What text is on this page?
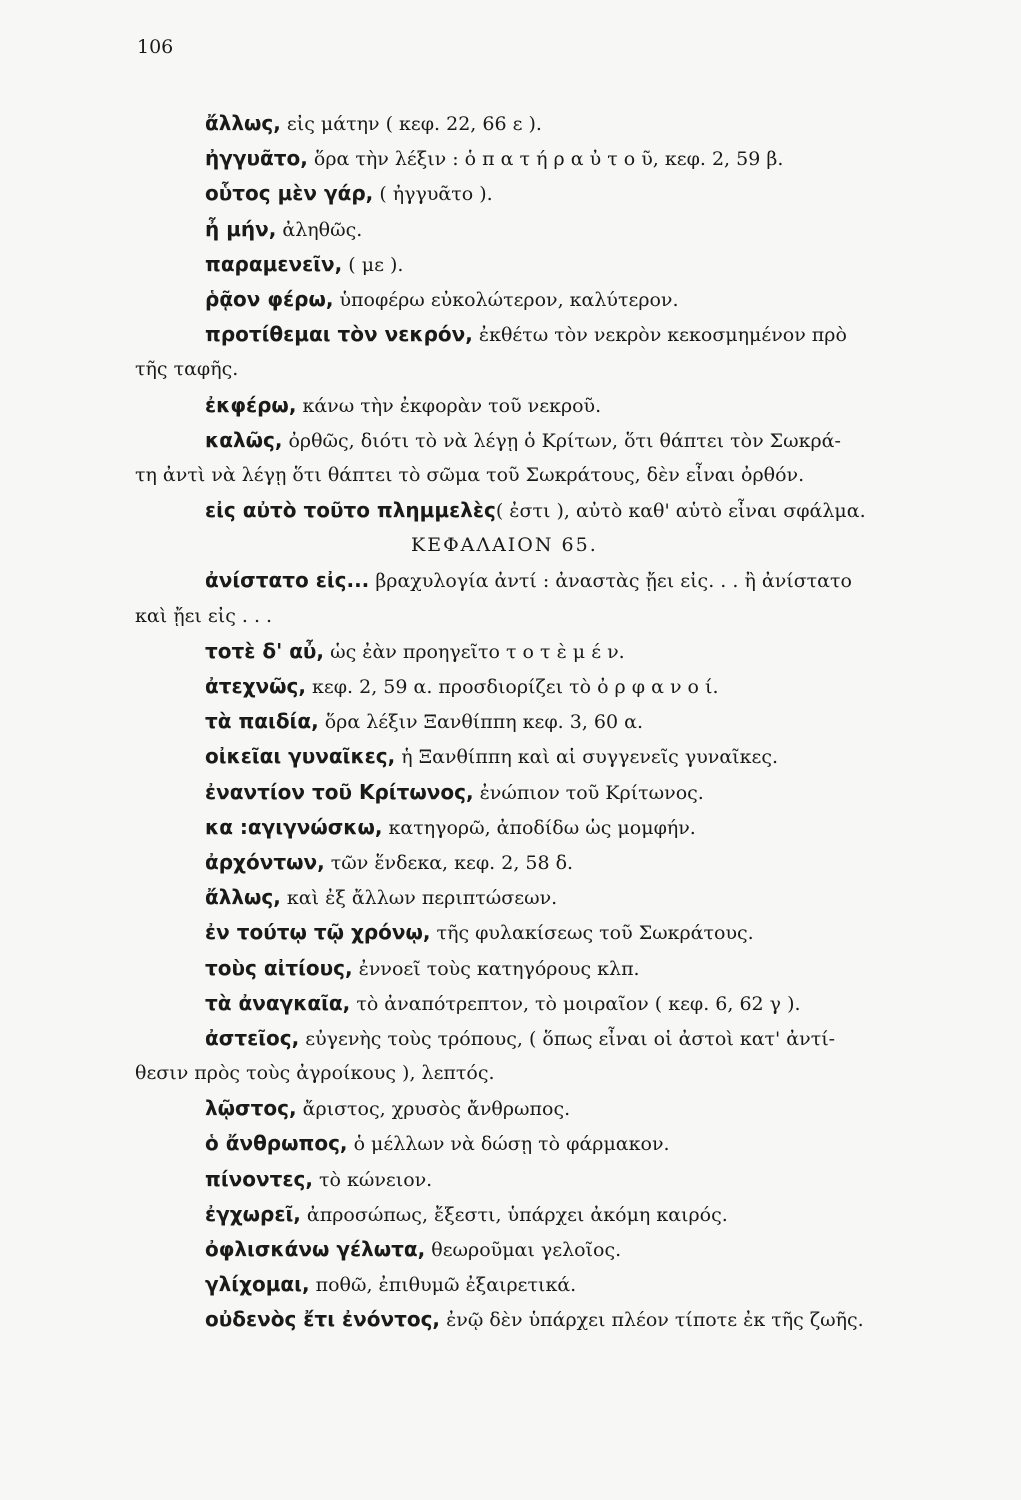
106
ἄλλως, εἰς μάτην ( κεφ. 22, 66 ε ).
ἠγγυᾶτο, ὅρα τὴν λέξιν : ὁ π α τ ή ρ α ὐ τ ο ῦ, κεφ. 2, 59 β.
οὗτος μὲν γάρ, ( ἠγγυᾶτο ).
ἦ μήν, ἀληθῶς.
παραμενεῖν, ( με ).
ῥᾷον φέρω, ὑποφέρω εὐκολώτερον, καλύτερον.
προτίθεμαι τὸν νεκρόν, ἐκθέτω τὸν νεκρὸν κεκοσμημένον πρὸ
τῆς ταφῆς.
ἐκφέρω, κάνω τὴν ἐκφορὰν τοῦ νεκροῦ.
καλῶς, ὀρθῶς, διότι τὸ νὰ λέγῃ ὁ Κρίτων, ὅτι θάπτει τὸν Σωκρά-
τη ἀντὶ νὰ λέγῃ ὅτι θάπτει τὸ σῶμα τοῦ Σωκράτους, δὲν εἶναι ὀρθόν.
εἰς αὐτὸ τοῦτο πλημμελὲς( ἐστι ), αὐτὸ καθ' αὑτὸ εἶναι σφάλμα.
ΚΕΦΑΛΑΙΟΝ 65.
ἀνίστατο εἰς... βραχυλογία ἀντί : ἀναστὰς ᾔει εἰς. . . ἢ ἀνίστατο
καὶ ᾔει εἰς . . .
τοτὲ δ' αὖ, ὡς ἐὰν προηγεῖτο τ ο τ ὲ μ έ ν.
ἀτεχνῶς, κεφ. 2, 59 α. προσδιορίζει τὸ ὀ ρ φ α ν ο ί.
τὰ παιδία, ὅρα λέξιν Ξανθίππη κεφ. 3, 60 α.
οἰκεῖαι γυναῖκες, ἡ Ξανθίππη καὶ αἱ συγγενεῖς γυναῖκες.
ἐναντίον τοῦ Κρίτωνος, ἐνώπιον τοῦ Κρίτωνος.
κα :αγιγνώσκω, κατηγορῶ, ἀποδίδω ὡς μομφήν.
ἀρχόντων, τῶν ἕνδεκα, κεφ. 2, 58 δ.
ἄλλως, καὶ ἐξ ἄλλων περιπτώσεων.
ἐν τούτῳ τῷ χρόνῳ, τῆς φυλακίσεως τοῦ Σωκράτους.
τοὺς αἰτίους, ἐννοεῖ τοὺς κατηγόρους κλπ.
τὰ ἀναγκαῖα, τὸ ἀναπότρεπτον, τὸ μοιραῖον ( κεφ. 6, 62 γ ).
ἀστεῖος, εὐγενὴς τοὺς τρόπους, ( ὅπως εἶναι οἱ ἀστοὶ κατ' ἀντί-
θεσιν πρὸς τοὺς ἀγροίκους ), λεπτός.
λῷστος, ἄριστος, χρυσὸς ἄνθρωπος.
ὁ ἄνθρωπος, ὁ μέλλων νὰ δώσῃ τὸ φάρμακον.
πίνοντες, τὸ κώνειον.
ἐγχωρεῖ, ἀπροσώπως, ἔξεστι, ὑπάρχει ἀκόμη καιρός.
ὀφλισκάνω γέλωτα, θεωροῦμαι γελοῖος.
γλίχομαι, ποθῶ, ἐπιθυμῶ ἐξαιρετικά.
οὐδενὸς ἔτι ἐνόντος, ἐνῷ δὲν ὑπάρχει πλέον τίποτε ἐκ τῆς ζωῆς.
